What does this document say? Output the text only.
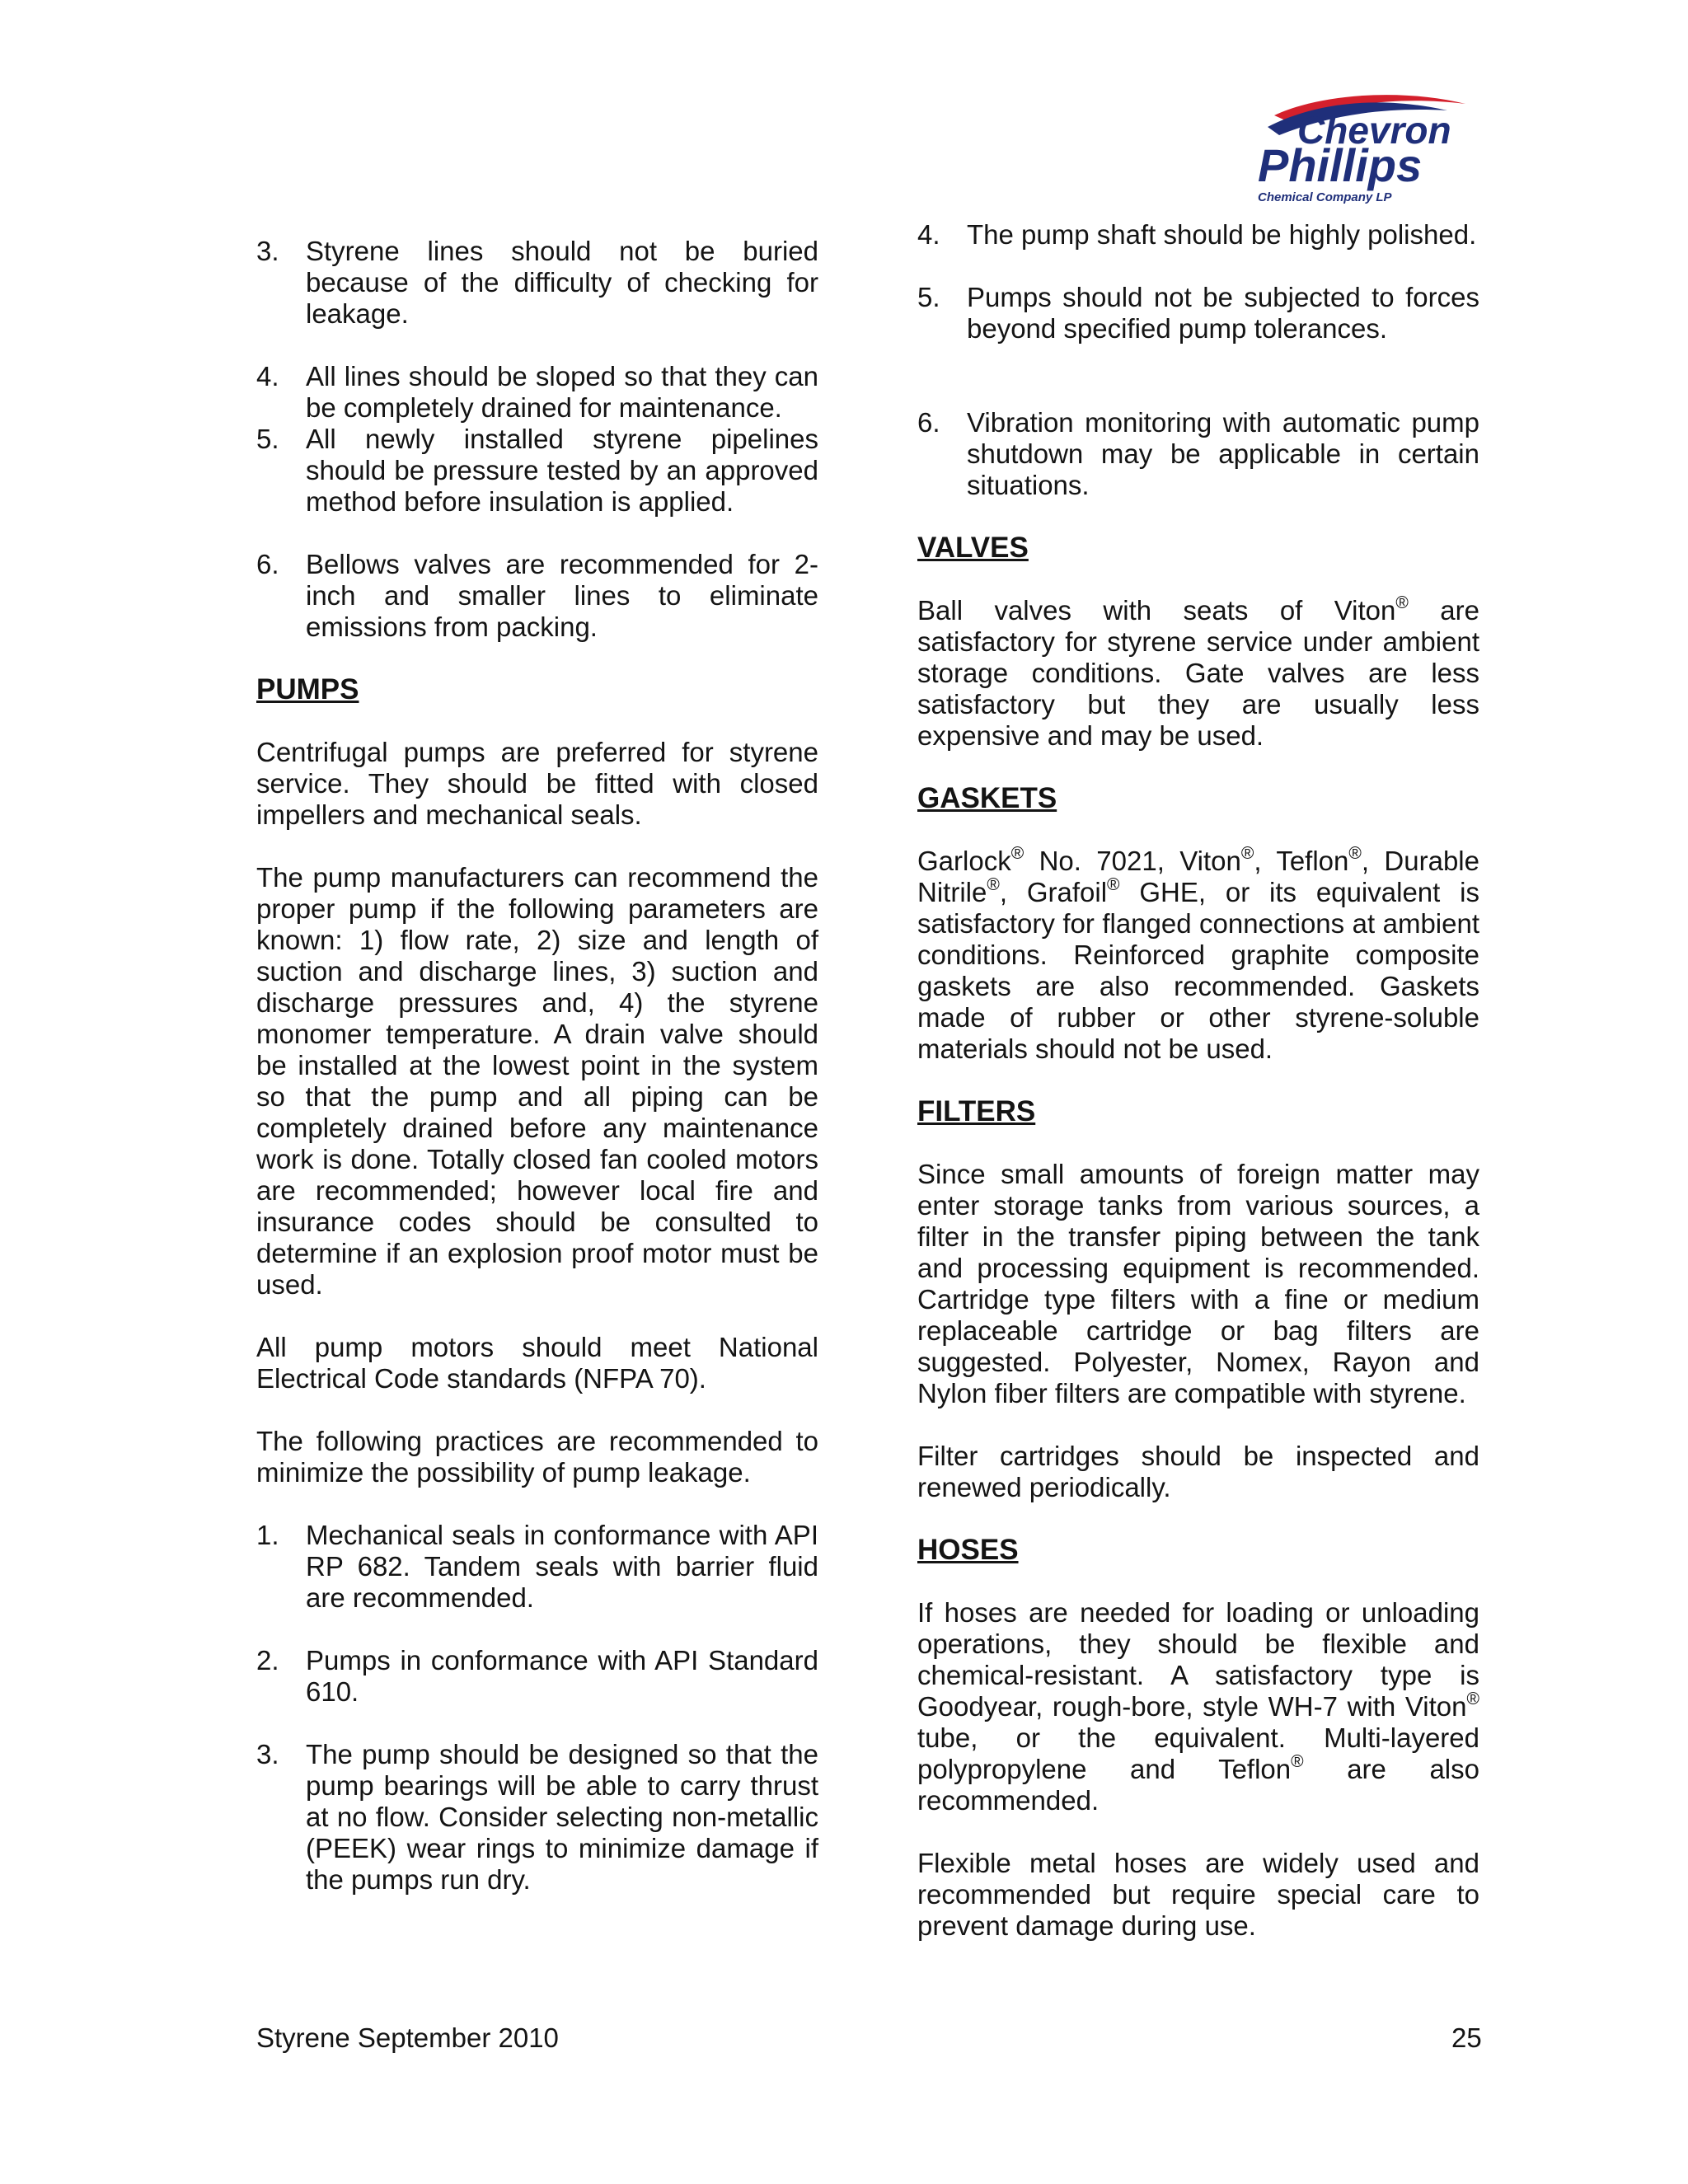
Chevron
Phillips
Chemical Company LP
3. Styrene lines should not be buried because of the difficulty of checking for leakage.
4. All lines should be sloped so that they can be completely drained for maintenance.
5. All newly installed styrene pipelines should be pressure tested by an approved method before insulation is applied.
6. Bellows valves are recommended for 2-inch and smaller lines to eliminate emissions from packing.

PUMPS

Centrifugal pumps are preferred for styrene service. They should be fitted with closed impellers and mechanical seals.

The pump manufacturers can recommend the proper pump if the following parameters are known: 1) flow rate, 2) size and length of suction and discharge lines, 3) suction and discharge pressures and, 4) the styrene monomer temperature. A drain valve should be installed at the lowest point in the system so that the pump and all piping can be completely drained before any maintenance work is done. Totally closed fan cooled motors are recommended; however local fire and insurance codes should be consulted to determine if an explosion proof motor must be used.

All pump motors should meet National Electrical Code standards (NFPA 70).

The following practices are recommended to minimize the possibility of pump leakage.

1. Mechanical seals in conformance with API RP 682. Tandem seals with barrier fluid are recommended.
2. Pumps in conformance with API Standard 610.
3. The pump should be designed so that the pump bearings will be able to carry thrust at no flow. Consider selecting non-metallic (PEEK) wear rings to minimize damage if the pumps run dry.
4. The pump shaft should be highly polished.
5. Pumps should not be subjected to forces beyond specified pump tolerances.
6. Vibration monitoring with automatic pump shutdown may be applicable in certain situations.

VALVES

Ball valves with seats of Viton® are satisfactory for styrene service under ambient storage conditions. Gate valves are less satisfactory but they are usually less expensive and may be used.

GASKETS

Garlock® No. 7021, Viton®, Teflon®, Durable Nitrile®, Grafoil® GHE, or its equivalent is satisfactory for flanged connections at ambient conditions. Reinforced graphite composite gaskets are also recommended. Gaskets made of rubber or other styrene-soluble materials should not be used.

FILTERS

Since small amounts of foreign matter may enter storage tanks from various sources, a filter in the transfer piping between the tank and processing equipment is recommended. Cartridge type filters with a fine or medium replaceable cartridge or bag filters are suggested. Polyester, Nomex, Rayon and Nylon fiber filters are compatible with styrene.

Filter cartridges should be inspected and renewed periodically.

HOSES

If hoses are needed for loading or unloading operations, they should be flexible and chemical-resistant. A satisfactory type is Goodyear, rough-bore, style WH-7 with Viton® tube, or the equivalent. Multi-layered polypropylene and Teflon® are also recommended.

Flexible metal hoses are widely used and recommended but require special care to prevent damage during use.

Styrene September 2010	25
